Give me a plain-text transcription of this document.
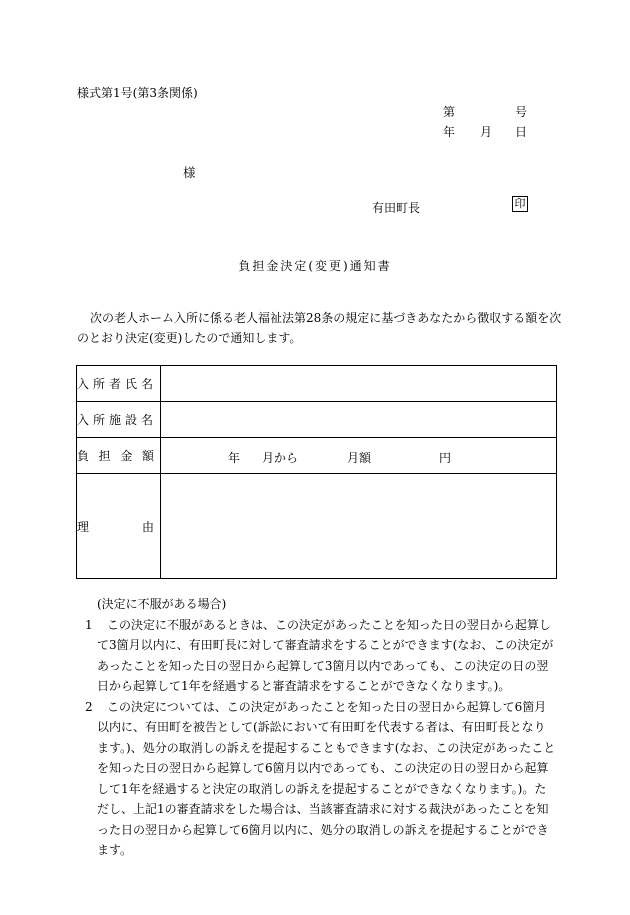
様式第1号(第3条関係)
第	号
年 月 日
様
有田町長	印
負担金決定(変更)通知書
次の老人ホーム入所に係る老人福祉法第28条の規定に基づきあなたから徴収する額を次のとおり決定(変更)したので通知します。
入所者氏名	
入所施設名	

負 担 金 額	年 月から 月額 円

理 由	

(決定に不服がある場合)
1	この決定に不服があるときは、この決定があったことを知った日の翌日から起算して3箇月以内に、有田町長に対して審査請求をすることができます(なお、この決定があったことを知った日の翌日から起算して3箇月以内であっても、この決定の日の翌日から起算して1年を経過すると審査請求をすることができなくなります。)。
2	この決定については、この決定があったことを知った日の翌日から起算して6箇月以内に、有田町を被告として(訴訟において有田町を代表する者は、有田町長となります。)、処分の取消しの訴えを提起することもできます(なお、この決定があったことを知った日の翌日から起算して6箇月以内であっても、この決定の日の翌日から起算して1年を経過すると決定の取消しの訴えを提起することができなくなります。)。ただし、上記1の審査請求をした場合は、当該審査請求に対する裁決があったことを知った日の翌日から起算して6箇月以内に、処分の取消しの訴えを提起することができます。
